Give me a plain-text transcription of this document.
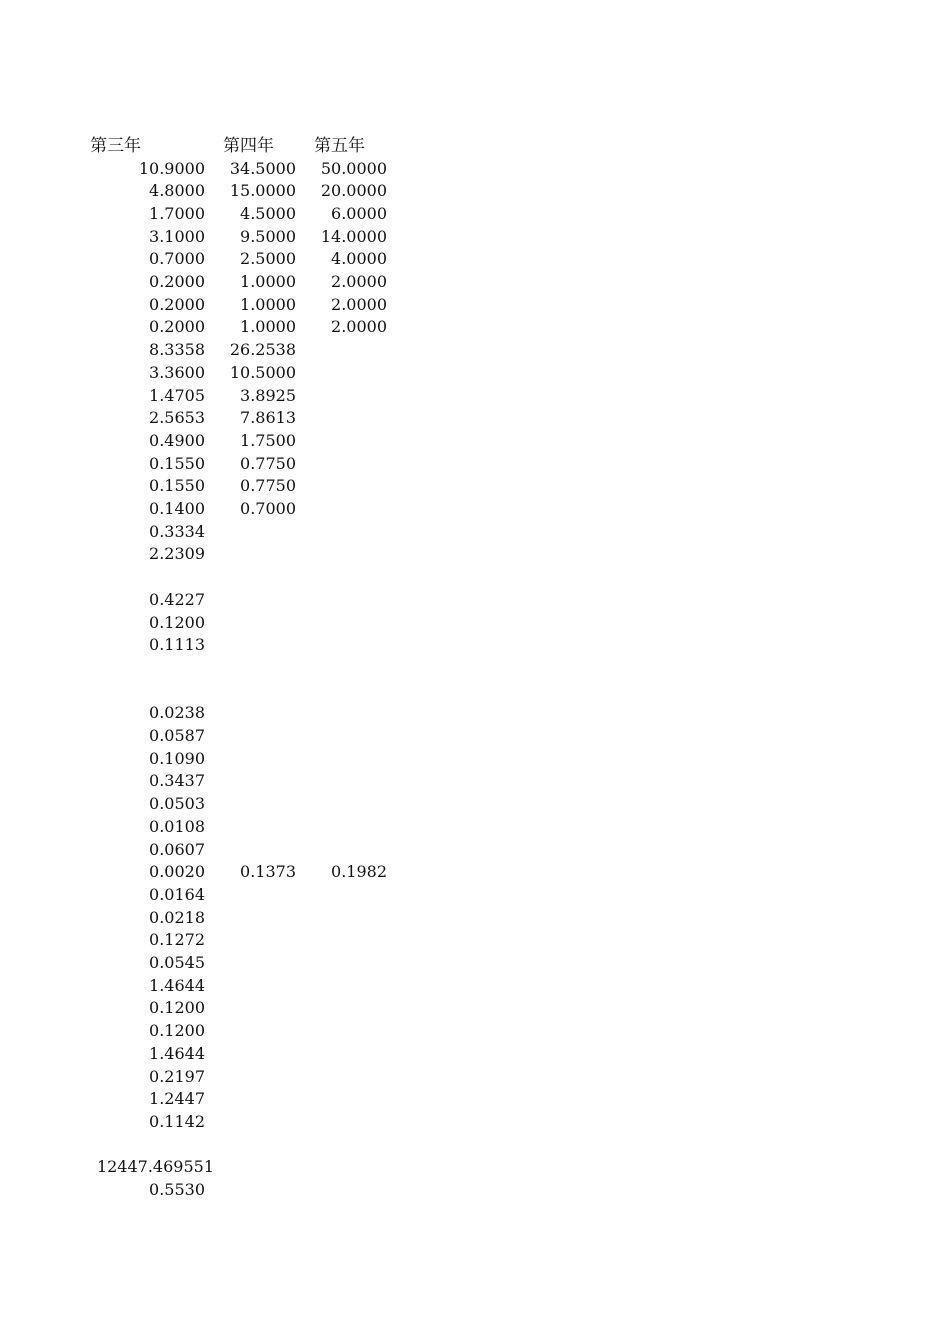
第三年	第四年 第五年
10.9000
4.8000
1.7000
3.1000
0.7000
0.2000
0.2000
0.2000
8.3358
3.3600
1.4705
2.5653
0.4900
0.1550
0.1550
0.1400
0.3334
2.2309
0.4227
0.1200
0.1113
0.0238
0.0587
0.1090
0.3437
0.0503
0.0108
0.0607
0.0020
0.0164
0.0218
0.1272
0.0545
1.4644
0.1200
0.1200
1.4644
0.2197
1.2447
0.1142
12447.469551
0.5530
34.5000
15.0000
4.5000
9.5000
2.5000
1.0000
1.0000
1.0000
26.2538
10.5000
3.8925
7.8613
1.7500
0.7750
0.7750
0.7000
0.1373
50.0000
20.0000
6.0000
14.0000
4.0000
2.0000
2.0000
2.0000
0.1982
